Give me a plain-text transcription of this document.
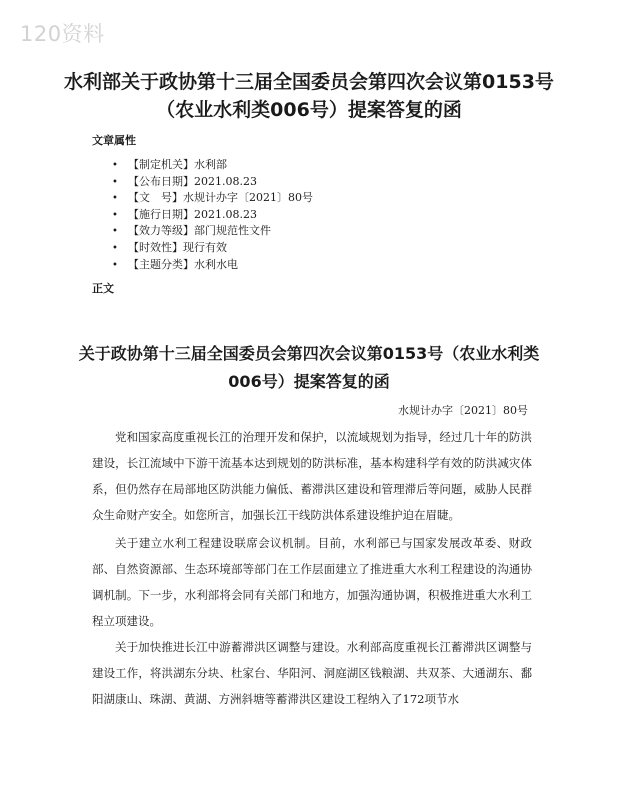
120资料
水利部关于政协第十三届全国委员会第四次会议第0153号（农业水利类006号）提案答复的函
文章属性
• 【制定机关】水利部
• 【公布日期】2021.08.23
• 【文　号】水规计办字〔2021〕80号
• 【施行日期】2021.08.23
• 【效力等级】部门规范性文件
• 【时效性】现行有效
• 【主题分类】水利水电
正文
关于政协第十三届全国委员会第四次会议第0153号（农业水利类006号）提案答复的函
水规计办字〔2021〕80号

党和国家高度重视长江的治理开发和保护，以流域规划为指导，经过几十年的防洪建设，长江流域中下游干流基本达到规划的防洪标准，基本构建科学有效的防洪减灾体系，但仍然存在局部地区防洪能力偏低、蓄滞洪区建设和管理滞后等问题，威胁人民群众生命财产安全。如您所言，加强长江干线防洪体系建设维护迫在眉睫。

关于建立水利工程建设联席会议机制。目前，水利部已与国家发展改革委、财政部、自然资源部、生态环境部等部门在工作层面建立了推进重大水利工程建设的沟通协调机制。下一步，水利部将会同有关部门和地方，加强沟通协调，积极推进重大水利工程立项建设。

关于加快推进长江中游蓄滞洪区调整与建设。水利部高度重视长江蓄滞洪区调整与建设工作，将洪湖东分块、杜家台、华阳河、洞庭湖区钱粮湖、共双茶、大通湖东、鄱阳湖康山、珠湖、黄湖、方洲斜塘等蓄滞洪区建设工程纳入了172项节水
